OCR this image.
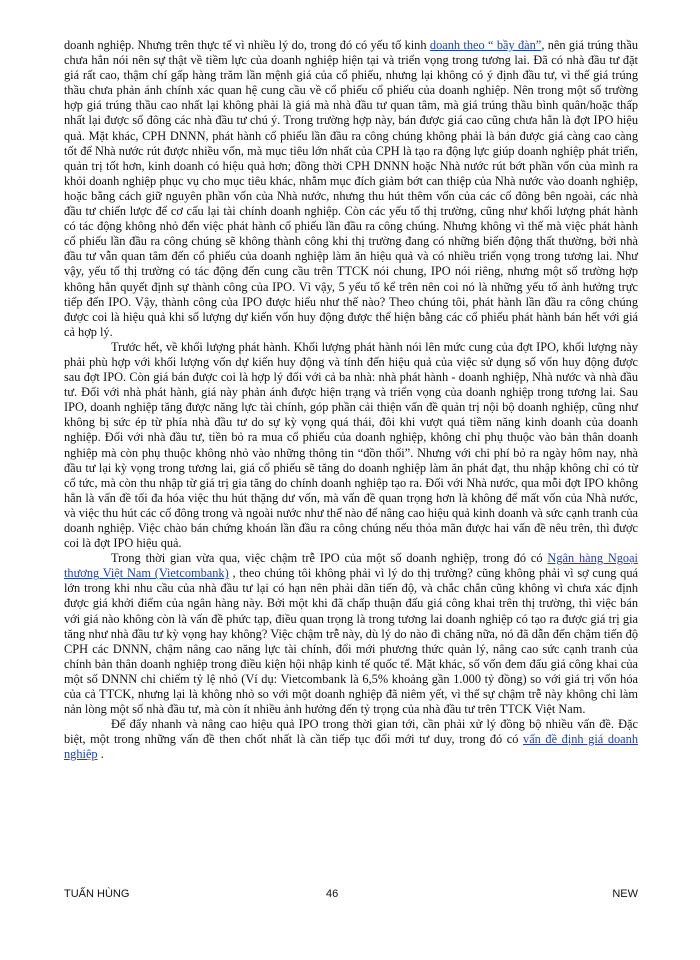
doanh nghiệp. Nhưng trên thực tế vì nhiều lý do, trong đó có yếu tố kinh doanh theo “ bầy đàn”, nên giá trúng thầu chưa hẳn nói nên sự thật về tiềm lực của doanh nghiệp hiện tại và triển vọng trong tương lai. Đã có nhà đầu tư đặt giá rất cao, thậm chí gấp hàng trăm lần mệnh giá của cổ phiếu, nhưng lại không có ý định đầu tư, vì thế giá trúng thầu chưa phản ánh chính xác quan hệ cung cầu về cổ phiếu cổ phiếu của doanh nghiệp. Nên trong một số trường hợp giá trúng thầu cao nhất lại không phải là giá mà nhà đầu tư quan tâm, mà giá trúng thầu bình quân/hoặc thấp nhất lại được số đông các nhà đầu tư chú ý. Trong trường hợp này, bán được giá cao cũng chưa hẳn là đợt IPO hiệu quả. Mặt khác, CPH DNNN, phát hành cổ phiếu lần đầu ra công chúng không phải là bán được giá càng cao càng tốt để Nhà nước rút được nhiều vốn, mà mục tiêu lớn nhất của CPH là tạo ra động lực giúp doanh nghiệp phát triển, quản trị tốt hơn, kinh doanh có hiệu quả hơn; đồng thời CPH DNNN hoặc Nhà nước rút bớt phần vốn của mình ra khỏi doanh nghiệp phục vụ cho mục tiêu khác, nhằm mục đích giảm bớt can thiệp của Nhà nước vào doanh nghiệp, hoặc bằng cách giữ nguyên phần vốn của Nhà nước, nhưng thu hút thêm vốn của các cổ đông bên ngoài, các nhà đầu tư chiến lược để cơ cấu lại tài chính doanh nghiệp. Còn các yếu tố thị trường, cũng như khối lượng phát hành có tác động không nhỏ đến việc phát hành cổ phiếu lần đầu ra công chúng. Nhưng không vì thế mà việc phát hành cổ phiếu lần đầu ra công chúng sẽ không thành công khi thị trường đang có những biến động thất thường, bởi nhà đầu tư vẫn quan tâm đến cổ phiếu của doanh nghiệp làm ăn hiệu quả và có nhiều triển vọng trong tương lai. Như vậy, yếu tố thị trường có tác động đến cung cầu trên TTCK nói chung, IPO nói riêng, nhưng một số trường hợp không hẳn quyết định sự thành công của IPO. Vì vậy, 5 yếu tố kể trên nên coi nó là những yếu tố ảnh hưởng trực tiếp đến IPO. Vậy, thành công của IPO được hiểu như thế nào? Theo chúng tôi, phát hành lần đầu ra công chúng được coi là hiệu quả khi số lượng dự kiến vốn huy động được thể hiện bằng các cổ phiếu phát hành bán hết với giá cả hợp lý.

Trước hết, về khối lượng phát hành. Khối lượng phát hành nói lên mức cung của đợt IPO, khối lượng này phải phù hợp với khối lượng vốn dự kiến huy động và tính đến hiệu quả của việc sử dụng số vốn huy động được sau đợt IPO. Còn giá bán được coi là hợp lý đối với cả ba nhà: nhà phát hành - doanh nghiệp, Nhà nước và nhà đầu tư. Đối với nhà phát hành, giá này phản ánh được hiện trạng và triển vọng của doanh nghiệp trong tương lai. Sau IPO, doanh nghiệp tăng được năng lực tài chính, góp phần cải thiện vấn đề quản trị nội bộ doanh nghiệp, cũng như không bị sức ép từ phía nhà đầu tư do sự kỳ vọng quá thái, đôi khi vượt quá tiềm năng kinh doanh của doanh nghiệp. Đối với nhà đầu tư, tiền bỏ ra mua cổ phiếu của doanh nghiệp, không chỉ phụ thuộc vào bản thân doanh nghiệp mà còn phụ thuộc không nhỏ vào những thông tin “đồn thổi”. Nhưng với chi phí bỏ ra ngày hôm nay, nhà đầu tư lại kỳ vọng trong tương lai, giá cổ phiếu sẽ tăng do doanh nghiệp làm ăn phát đạt, thu nhập không chỉ có từ cổ tức, mà còn thu nhập từ giá trị gia tăng do chính doanh nghiệp tạo ra. Đối với Nhà nước, qua mỗi đợt IPO không hẳn là vấn đề tối đa hóa việc thu hút thặng dư vốn, mà vấn đề quan trọng hơn là không để mất vốn của Nhà nước, và việc thu hút các cổ đông trong và ngoài nước như thế nào để nâng cao hiệu quả kinh doanh và sức cạnh tranh của doanh nghiệp. Việc chào bán chứng khoán lần đầu ra công chúng nếu thỏa mãn được hai vấn đề nêu trên, thì được coi là đợt IPO hiệu quả.

Trong thời gian vừa qua, việc chậm trễ IPO của một số doanh nghiệp, trong đó có Ngân hàng Ngoại thương Việt Nam (Vietcombank) , theo chúng tôi không phải vì lý do thị trường? cũng không phải vì sợ cung quá lớn trong khi nhu cầu của nhà đầu tư lại có hạn nên phải dãn tiến độ, và chắc chắn cũng không vì chưa xác định được giá khởi điểm của ngân hàng này. Bởi một khi đã chấp thuận đấu giá công khai trên thị trường, thì việc bán với giá nào không còn là vấn đề phức tạp, điều quan trọng là trong tương lai doanh nghiệp có tạo ra được giá trị gia tăng như nhà đầu tư kỳ vọng hay không? Việc chậm trễ này, dù lý do nào đi chăng nữa, nó đã dẫn đến chậm tiến độ CPH các DNNN, chậm nâng cao năng lực tài chính, đổi mới phương thức quản lý, nâng cao sức cạnh tranh của chính bản thân doanh nghiệp trong điều kiện hội nhập kinh tế quốc tế. Mặt khác, số vốn đem đấu giá công khai của một số DNNN chỉ chiếm tỷ lệ nhỏ (Ví dụ: Vietcombank là 6,5% khoảng gần 1.000 tỷ đồng) so với giá trị vốn hóa của cả TTCK, nhưng lại là không nhỏ so với một doanh nghiệp đã niêm yết, vì thế sự chậm trễ này không chỉ làm nản lòng một số nhà đầu tư, mà còn ít nhiều ảnh hưởng đến tỷ trọng của nhà đầu tư trên TTCK Việt Nam.

Để đẩy nhanh và nâng cao hiệu quả IPO trong thời gian tới, cần phải xử lý đồng bộ nhiều vấn đề. Đặc biệt, một trong những vấn đề then chốt nhất là cần tiếp tục đổi mới tư duy, trong đó có vấn đề định giá doanh nghiệp .

TUẤN HÙNG	46	NEW
